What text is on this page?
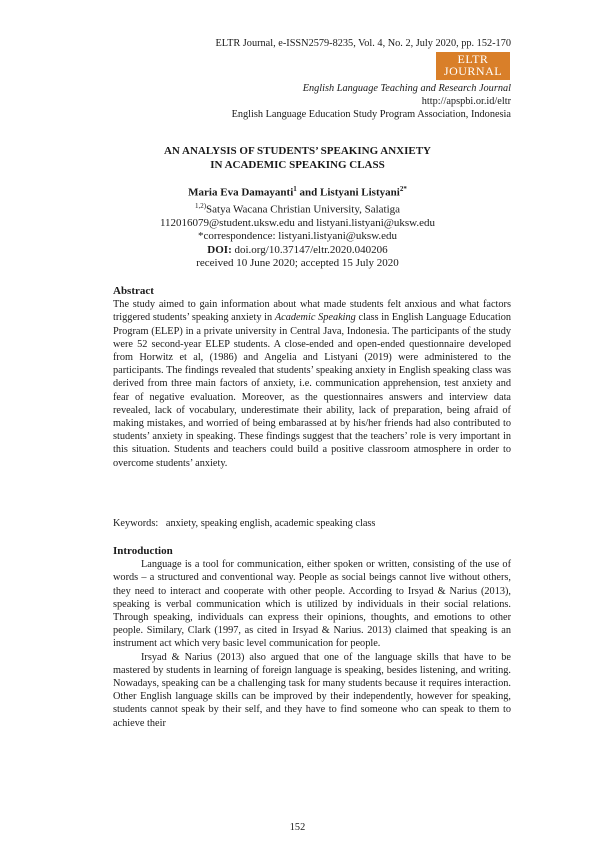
ELTR Journal, e-ISSN2579-8235, Vol. 4, No. 2, July 2020, pp. 152-170
ELTR
JOURNAL
English Language Teaching and Research Journal
http://apspbi.or.id/eltr
English Language Education Study Program Association, Indonesia
AN ANALYSIS OF STUDENTS’ SPEAKING ANXIETY
IN ACADEMIC SPEAKING CLASS
Maria Eva Damayanti$^1$ and Listyani Listyani$^{2*}$
$^{1,2)}$Satya Wacana Christian University, Salatiga
112016079@student.uksw.edu and listyani.listyani@uksw.edu
*correspondence: listyani.listyani@uksw.edu
DOI: doi.org/10.37147/eltr.2020.040206
received 10 June 2020; accepted 15 July 2020
Abstract

The study aimed to gain information about what made students felt anxious and what factors triggered students’ speaking anxiety in Academic Speaking class in English Language Education Program (ELEP) in a private university in Central Java, Indonesia. The participants of the study were 52 second-year ELEP students. A close-ended and open-ended questionnaire developed from Horwitz et al, (1986) and Angelia and Listyani (2019) were administered to the participants. The findings revealed that students’ speaking anxiety in English speaking class was derived from three main factors of anxiety, i.e. communication apprehension, test anxiety and fear of negative evaluation. Moreover, as the questionnaires answers and interview data revealed, lack of vocabulary, underestimate their ability, lack of preparation, being afraid of making mistakes, and worried of being embarassed at by his/her friends had also contributed to students’ anxiety in speaking. These findings suggest that the teachers’ role is very important in this situation. Students and teachers could build a positive classroom atmosphere in order to overcome students’ anxiety.

Keywords: anxiety, speaking english, academic speaking class
Introduction

Language is a tool for communication, either spoken or written, consisting of the use of words – a structured and conventional way. People as social beings cannot live without others, they need to interact and cooperate with other people. According to Irsyad & Narius (2013), speaking is verbal communication which is utilized by individuals in their social relations. Through speaking, individuals can express their opinions, thoughts, and emotions to other people. Similary, Clark (1997, as cited in Irsyad & Narius. 2013) claimed that speaking is an instrument act which very basic level communication for people.

Irsyad & Narius (2013) also argued that one of the language skills that have to be mastered by students in learning of foreign language is speaking, besides listening, and writing. Nowadays, speaking can be a challenging task for many students because it requires interaction. Other English language skills can be improved by their independently, however for speaking, students cannot speak by their self, and they have to find someone who can speak to them to achieve their

152
